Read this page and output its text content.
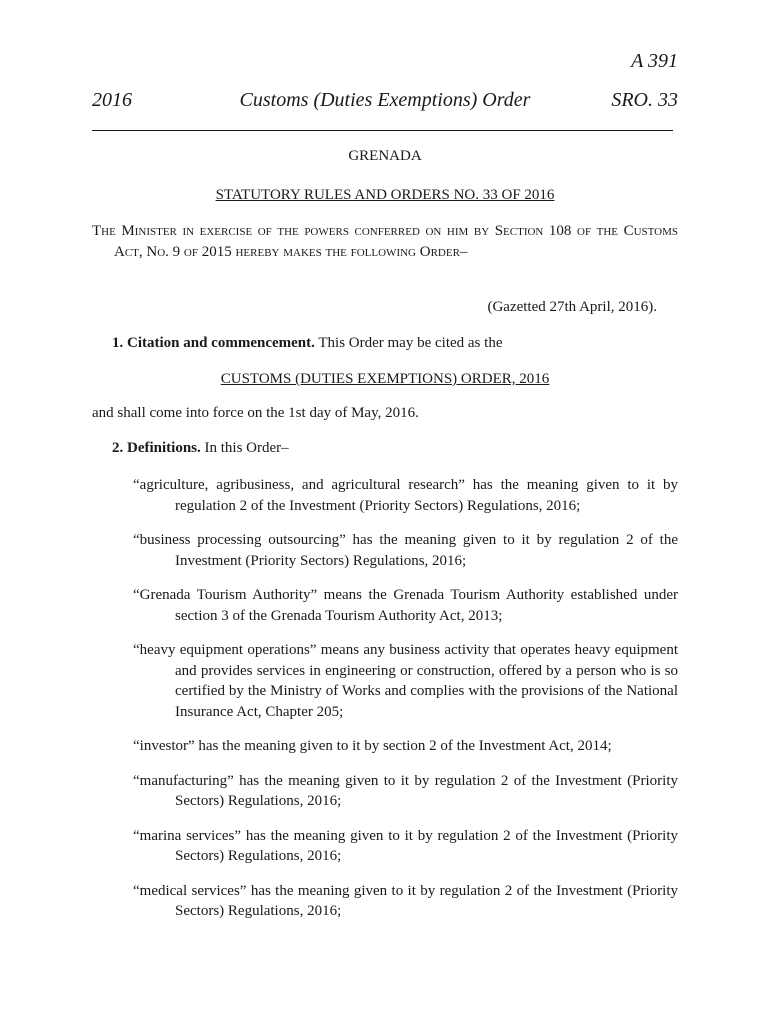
A 391
2016	Customs (Duties Exemptions) Order	SRO. 33

GRENADA

STATUTORY RULES AND ORDERS NO. 33 OF 2016

The Minister in exercise of the powers conferred on him by Section 108 of the Customs Act, No. 9 of 2015 hereby makes the following Order–

(Gazetted 27th April, 2016).

1. Citation and commencement. This Order may be cited as the

CUSTOMS (DUTIES EXEMPTIONS) ORDER, 2016

and shall come into force on the 1st day of May, 2016.

2. Definitions. In this Order–

“agriculture, agribusiness, and agricultural research” has the meaning given to it by regulation 2 of the Investment (Priority Sectors) Regulations, 2016;
“business processing outsourcing” has the meaning given to it by regulation 2 of the Investment (Priority Sectors) Regulations, 2016;
“Grenada Tourism Authority” means the Grenada Tourism Authority established under section 3 of the Grenada Tourism Authority Act, 2013;
“heavy equipment operations” means any business activity that operates heavy equipment and provides services in engineering or construction, offered by a person who is so certified by the Ministry of Works and complies with the provisions of the National Insurance Act, Chapter 205;
“investor” has the meaning given to it by section 2 of the Investment Act, 2014;
“manufacturing” has the meaning given to it by regulation 2 of the Investment (Priority Sectors) Regulations, 2016;
“marina services” has the meaning given to it by regulation 2 of the Investment (Priority Sectors) Regulations, 2016;
“medical services” has the meaning given to it by regulation 2 of the Investment (Priority Sectors) Regulations, 2016;
